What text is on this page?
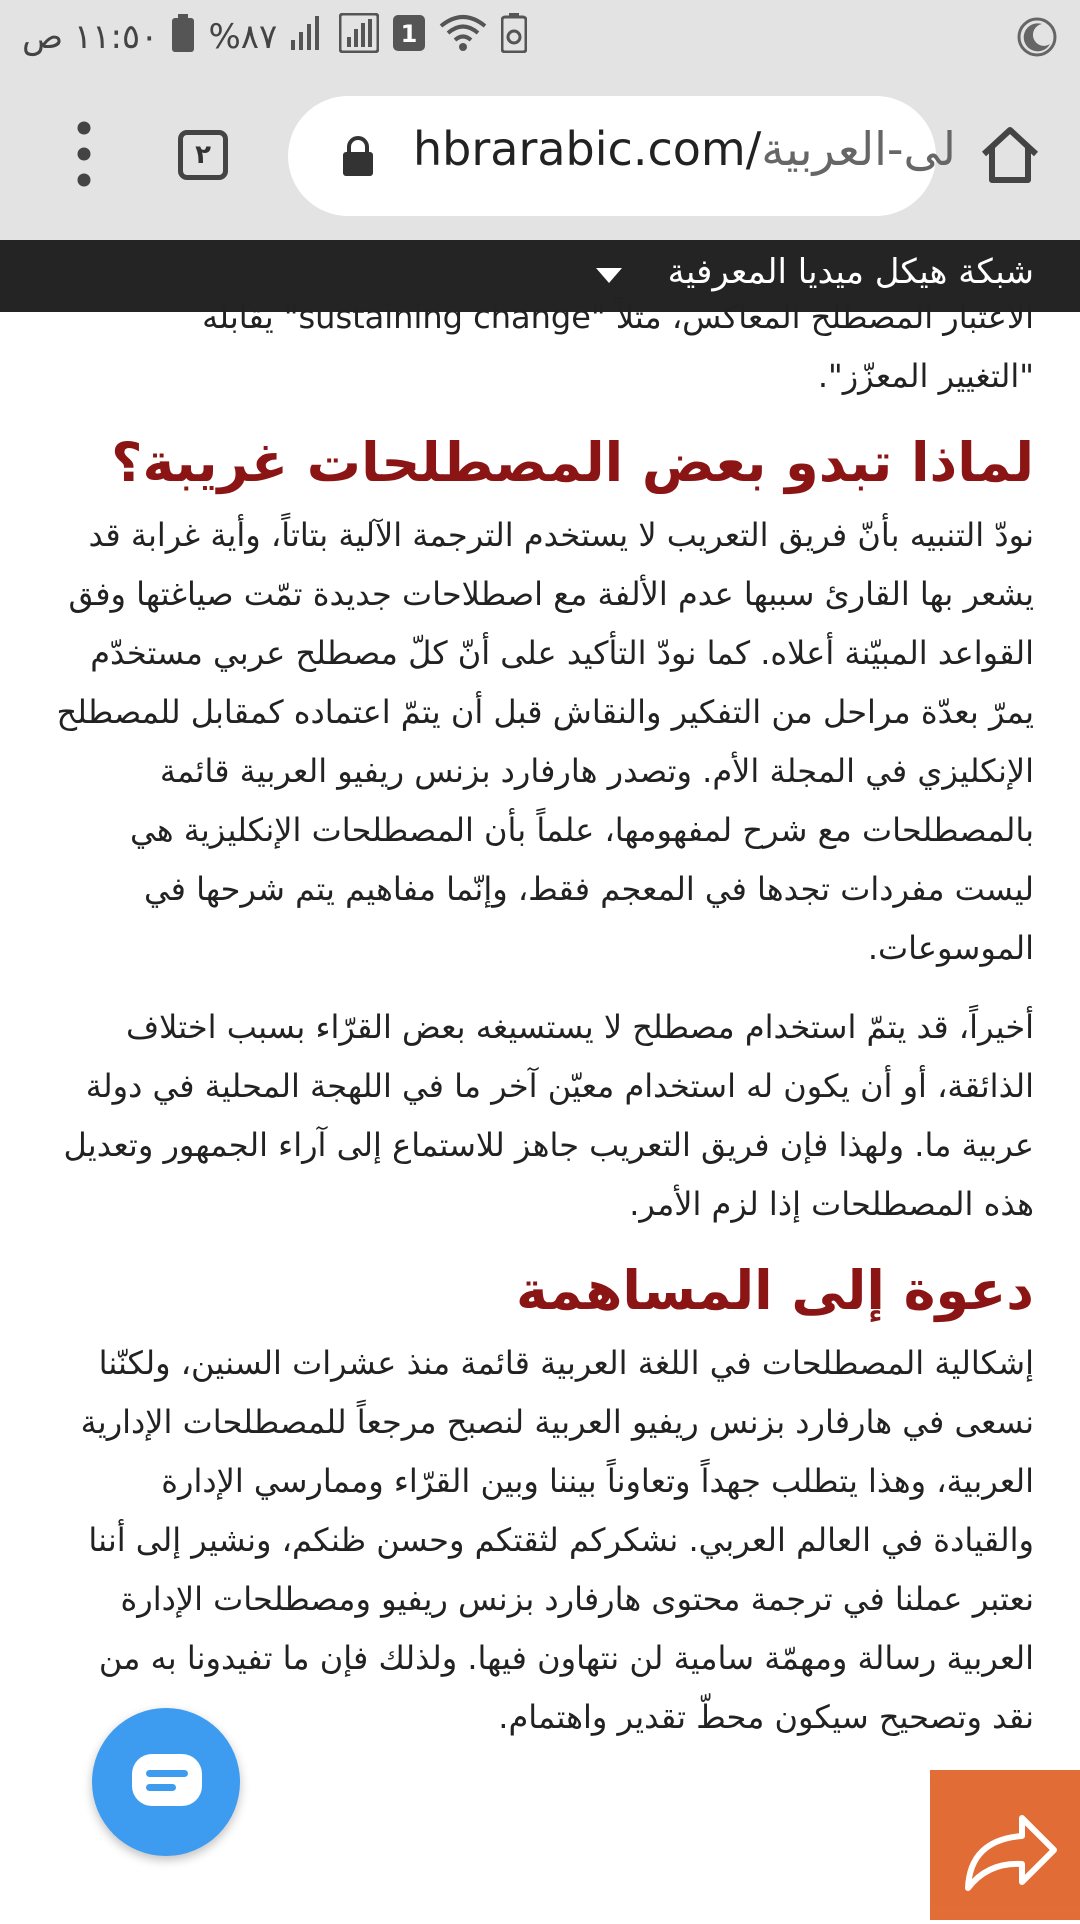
١١:٥٠ ص %٨٧	1
٢	hbrarabic.com/لى-العربية
شبكة هيكل ميديا المعرفية

الاعتبار المصطلح المعاكس، مثلاً "sustaining change" يقابله

"التغيير المعزّز".

لماذا تبدو بعض المصطلحات غريبة؟

نودّ التنبيه بأنّ فريق التعريب لا يستخدم الترجمة الآلية بتاتاً، وأية غرابة قد يشعر بها القارئ سببها عدم الألفة مع اصطلاحات جديدة تمّت صياغتها وفق القواعد المبيّنة أعلاه. كما نودّ التأكيد على أنّ كلّ مصطلح عربي مستخدّم يمرّ بعدّة مراحل من التفكير والنقاش قبل أن يتمّ اعتماده كمقابل للمصطلح الإنكليزي في المجلة الأم. وتصدر هارفارد بزنس ريفيو العربية قائمة بالمصطلحات مع شرح لمفهومها، علماً بأن المصطلحات الإنكليزية هي ليست مفردات تجدها في المعجم فقط، وإنّما مفاهيم يتم شرحها في الموسوعات.

أخيراً، قد يتمّ استخدام مصطلح لا يستسيغه بعض القرّاء بسبب اختلاف الذائقة، أو أن يكون له استخدام معيّن آخر ما في اللهجة المحلية في دولة عربية ما. ولهذا فإن فريق التعريب جاهز للاستماع إلى آراء الجمهور وتعديل هذه المصطلحات إذا لزم الأمر.

دعوة إلى المساهمة

إشكالية المصطلحات في اللغة العربية قائمة منذ عشرات السنين، ولكنّنا نسعى في هارفارد بزنس ريفيو العربية لنصبح مرجعاً للمصطلحات الإدارية العربية، وهذا يتطلب جهداً وتعاوناً بيننا وبين القرّاء وممارسي الإدارة والقيادة في العالم العربي. نشكركم لثقتكم وحسن ظنكم، ونشير إلى أننا نعتبر عملنا في ترجمة محتوى هارفارد بزنس ريفيو ومصطلحات الإدارة العربية رسالة ومهمّة سامية لن نتهاون فيها. ولذلك فإن ما تفيدونا به من نقد وتصحيح سيكون محطّ تقدير واهتمام.
